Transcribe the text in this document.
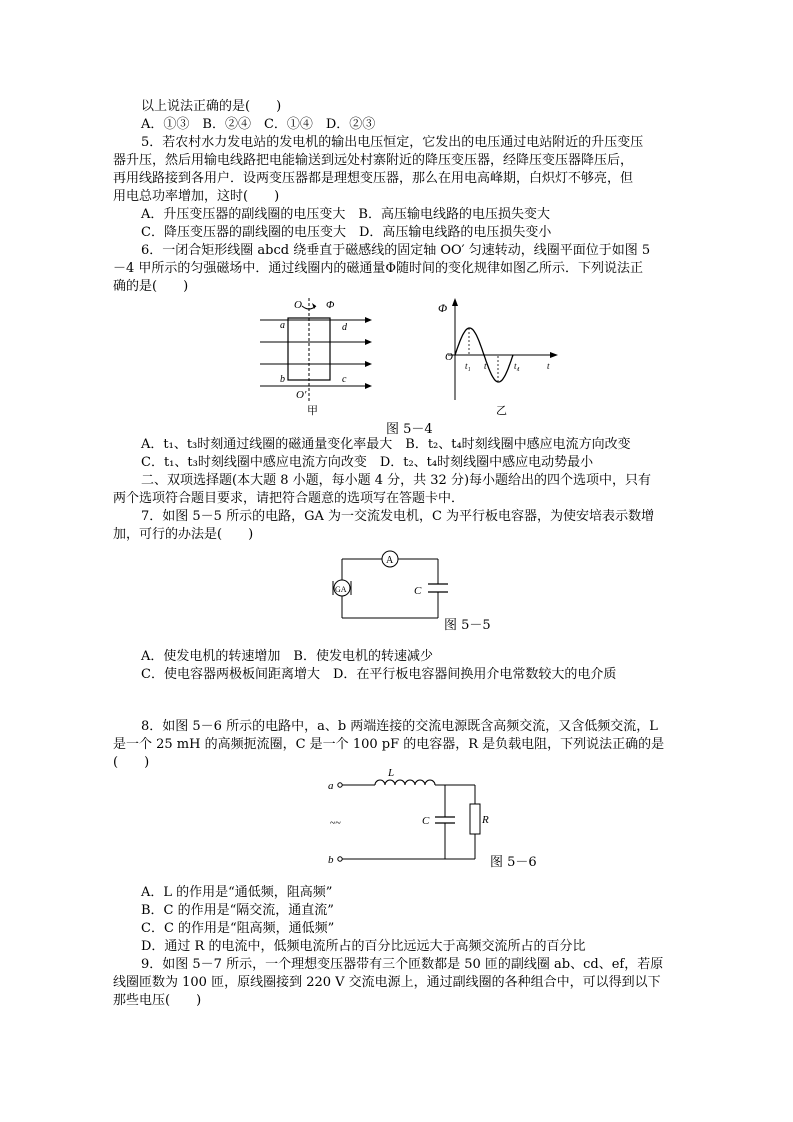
以上说法正确的是(　　)
A．①③　B．②④　C．①④　D．②③
5．若农村水力发电站的发电机的输出电压恒定，它发出的电压通过电站附近的升压变压
器升压，然后用输电线路把电能输送到远处村寨附近的降压变压器，经降压变压器降压后，
再用线路接到各用户．设两变压器都是理想变压器，那么在用电高峰期，白炽灯不够亮，但
用电总功率增加，这时(　　)
A．升压变压器的副线圈的电压变大　B．高压输电线路的电压损失变大
C．降压变压器的副线圈的电压变大　D．高压输电线路的电压损失变小
6．一闭合矩形线圈 abcd 绕垂直于磁感线的固定轴 OO′ 匀速转动，线圈平面位于如图 5
－4 甲所示的匀强磁场中．通过线圈内的磁通量Φ随时间的变化规律如图乙所示．下列说法正
确的是(　　)
A．t₁、t₃时刻通过线圈的磁通量变化率最大　B．t₂、t₄时刻线圈中感应电流方向改变
C．t₁、t₃时刻线圈中感应电流方向改变　D．t₂、t₄时刻线圈中感应电动势最小
二、双项选择题(本大题 8 小题，每小题 4 分，共 32 分)每小题给出的四个选项中，只有
两个选项符合题目要求，请把符合题意的选项写在答题卡中．
7．如图 5－5 所示的电路，GA 为一交流发电机，C 为平行板电容器，为使安培表示数增
加，可行的办法是(　　)
A．使发电机的转速增加　B．使发电机的转速减少
C．使电容器两极板间距离增大　D．在平行板电容器间换用介电常数较大的电介质
8．如图 5－6 所示的电路中，a、b 两端连接的交流电源既含高频交流，又含低频交流，L
是一个 25 mH 的高频扼流圈，C 是一个 100 pF 的电容器，R 是负载电阻，下列说法正确的是
(　　)
A．L 的作用是“通低频，阻高频”
B．C 的作用是“隔交流，通直流”
C．C 的作用是“阻高频，通低频”
D．通过 R 的电流中，低频电流所占的百分比远远大于高频交流所占的百分比
9．如图 5－7 所示，一个理想变压器带有三个匝数都是 50 匝的副线圈 ab、cd、ef，若原
线圈匝数为 100 匝，原线圈接到 220 V 交流电源上，通过副线圈的各种组合中，可以得到以下
那些电压(　　)
O Φ
a	d
b	c
O′
甲
Φ
O
t₁ t	t₄	t
乙
图 5－4
A
GA	C
图 5－5
a
b
~~
L
C	R
图 5－6
